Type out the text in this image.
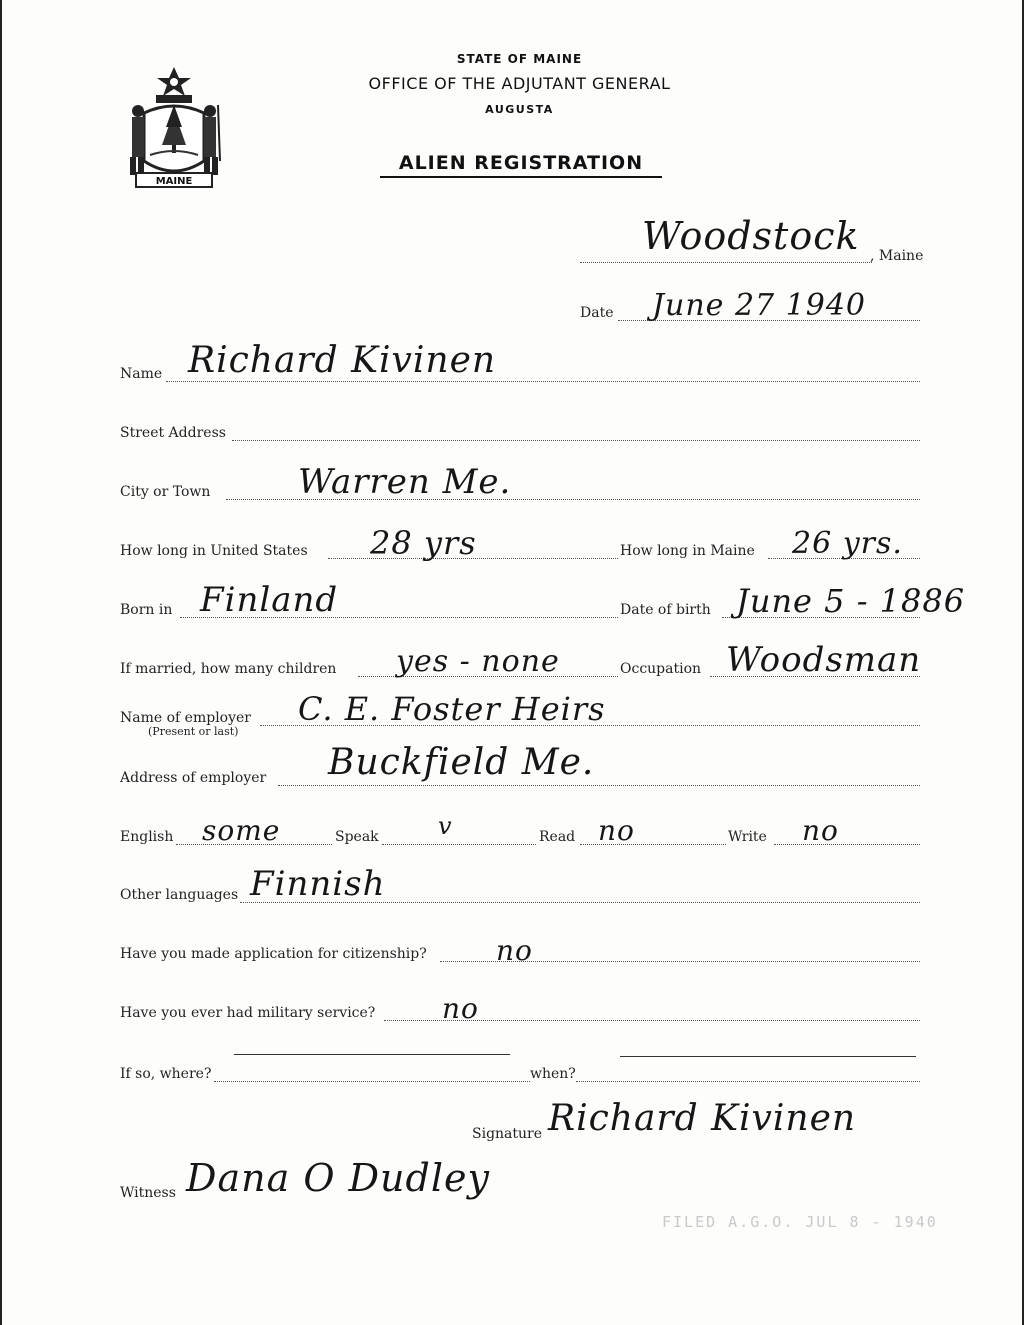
MAINE
STATE OF MAINE
OFFICE OF THE ADJUTANT GENERAL
AUGUSTA
ALIEN REGISTRATION
Woodstock , Maine
Date June 27 1940
Name Richard Kivinen
Street Address
City or Town	Warren Me.
How long in United States 28 yrs	How long in Maine 26 yrs.
Born in Finland	Date of birth June 5 - 1886
If married, how many children yes - none	Occupation Woodsman
Name of employer
(Present or last)
C. E. Foster Heirs
Address of employer Buckfield Me.
English some	Speak v	Read no	Write no
Other languages Finnish
Have you made application for citizenship? no
Have you ever had military service? no
If so, where?	when?
Signature Richard Kivinen
Witness Dana O Dudley
FILED A.G.O. JUL 8 - 1940
